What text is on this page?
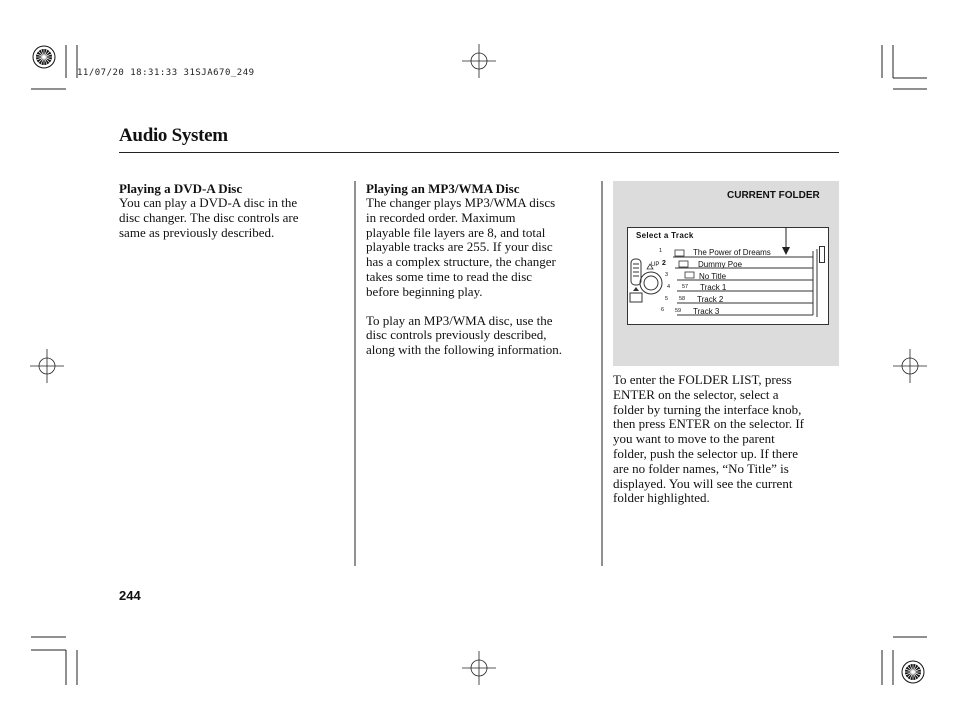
11/07/20 18:31:33 31SJA670_249
Audio System
Playing a DVD-A Disc
You can play a DVD-A disc in the
disc changer. The disc controls are
same as previously described.
Playing an MP3/WMA Disc
The changer plays MP3/WMA discs
in recorded order. Maximum
playable file layers are 8, and total
playable tracks are 255. If your disc
has a complex structure, the changer
takes some time to read the disc
before beginning play.
To play an MP3/WMA disc, use the
disc controls previously described,
along with the following information.
CURRENT FOLDER
Select a Track
UP
1
2
3
4
5
6
The Power of Dreams
Dummy Poe
No Title
57 Track 1
58 Track 2
59 Track 3
To enter the FOLDER LIST, press
ENTER on the selector, select a
folder by turning the interface knob,
then press ENTER on the selector. If
you want to move to the parent
folder, push the selector up. If there
are no folder names, “No Title” is
displayed. You will see the current
folder highlighted.
244
